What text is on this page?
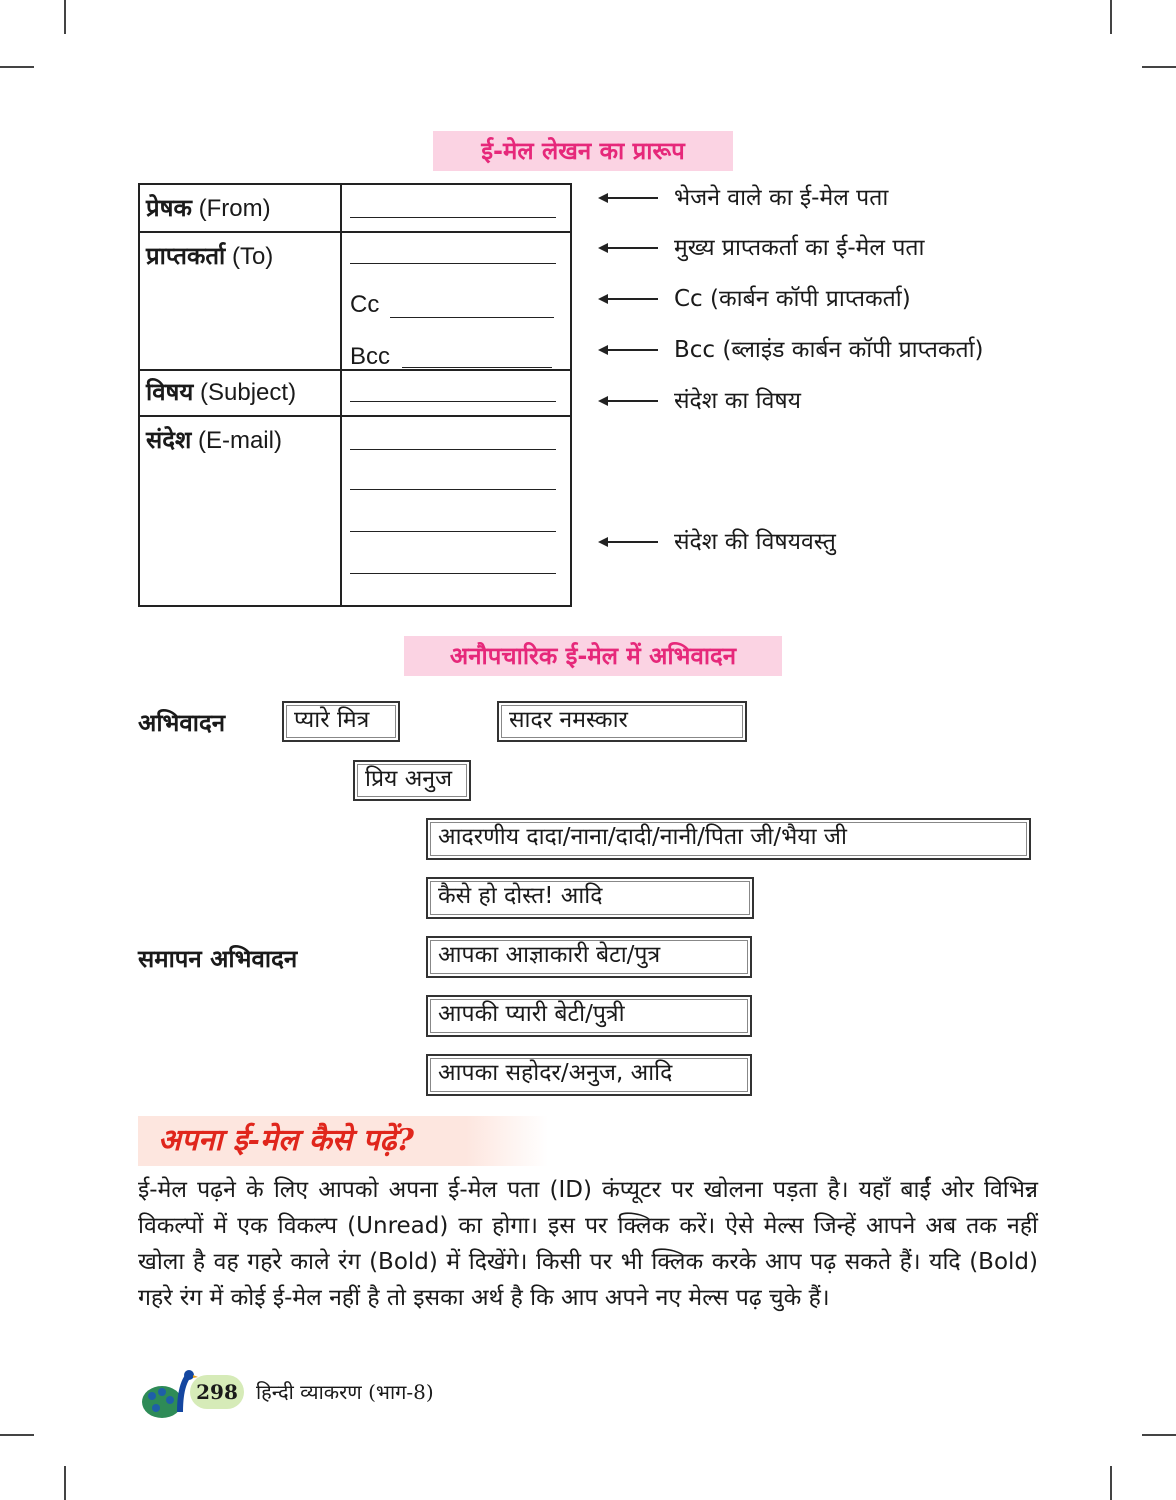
ई-मेल लेखन का प्रारूप
प्रेषक (From)	

प्राप्तकर्ता (To)	Cc
Bcc

विषय (Subject)	

संदेश (E-mail)	

भेजने वाले का ई-मेल पता
मुख्य प्राप्तकर्ता का ई-मेल पता
Cc (कार्बन कॉपी प्राप्तकर्ता)
Bcc (ब्लाइंड कार्बन कॉपी प्राप्तकर्ता)
संदेश का विषय
संदेश की विषयवस्तु
अनौपचारिक ई-मेल में अभिवादन
अभिवादन	प्यारे मित्र	सादर नमस्कार
प्रिय अनुज
आदरणीय दादा/नाना/दादी/नानी/पिता जी/भैया जी
कैसे हो दोस्त! आदि
समापन अभिवादन	आपका आज्ञाकारी बेटा/पुत्र
आपकी प्यारी बेटी/पुत्री
आपका सहोदर/अनुज, आदि
अपना ई-मेल कैसे पढ़ें?
ई-मेल पढ़ने के लिए आपको अपना ई-मेल पता (ID) कंप्यूटर पर खोलना पड़ता है। यहाँ बाईं ओर विभिन्न विकल्पों में एक विकल्प (Unread) का होगा। इस पर क्लिक करें। ऐसे मेल्स जिन्हें आपने अब तक नहीं खोला है वह गहरे काले रंग (Bold) में दिखेंगे। किसी पर भी क्लिक करके आप पढ़ सकते हैं। यदि (Bold) गहरे रंग में कोई ई-मेल नहीं है तो इसका अर्थ है कि आप अपने नए मेल्स पढ़ चुके हैं।
298 हिन्दी व्याकरण (भाग-8)
